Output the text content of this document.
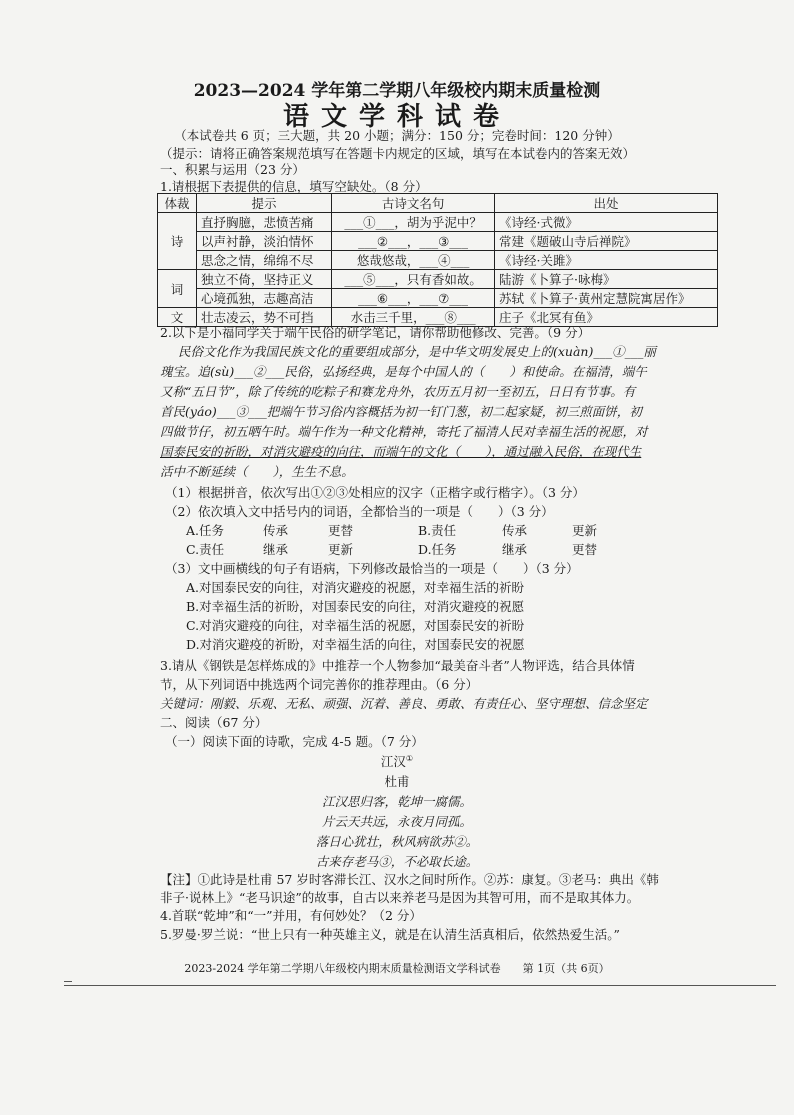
2023—2024 学年第二学期八年级校内期末质量检测
语文学科试卷
（本试卷共 6 页；三大题，共 20 小题；满分：150 分；完卷时间：120 分钟）
（提示：请将正确答案规范填写在答题卡内规定的区域，填写在本试卷内的答案无效）
一、积累与运用（23 分）
1.请根据下表提供的信息，填写空缺处。（8 分）
体裁	提示	古诗文名句	出处
诗	直抒胸臆，悲愤苦痛	___①___，胡为乎泥中？	《诗经·式微》
	以声衬静，淡泊情怀	___②___，___③___	常建《题破山寺后禅院》
	思念之情，绵绵不尽	悠哉悠哉，___④___	《诗经·关雎》
词	独立不倚，坚持正义	___⑤___，只有香如故。	陆游《卜算子·咏梅》
	心境孤独，志趣高洁	___⑥___，___⑦___	苏轼《卜算子·黄州定慧院寓居作》
文	壮志凌云，势不可挡	水击三千里，___⑧___	庄子《北冥有鱼》
2.以下是小福同学关于端午民俗的研学笔记，请你帮助他修改、完善。（9 分）
民俗文化作为我国民族文化的重要组成部分，是中华文明发展史上的(xuàn)___①___丽
瑰宝。追(sù)___②___民俗，弘扬经典，是每个中国人的（　　）和使命。在福清，端午
又称“五日节”，除了传统的吃粽子和赛龙舟外，农历五月初一至初五，日日有节事。有
首民(yáo)___③___把端午节习俗内容概括为初一钉门葱，初二起家疑，初三煎面饼，初
四做节仔，初五晒午时。端午作为一种文化精神，寄托了福清人民对幸福生活的祝愿，对
国泰民安的祈盼，对消灾避疫的向往，而端午的文化（　　），通过融入民俗，在现代生
活中不断延续（　　），生生不息。
（1）根据拼音，依次写出①②③处相应的汉字（正楷字或行楷字）。（3 分）
（2）依次填入文中括号内的词语，全都恰当的一项是（　　）（3 分）
A.任务	传承	更替	B.责任	传承	更新
C.责任	继承	更新	D.任务	继承	更替
（3）文中画横线的句子有语病，下列修改最恰当的一项是（　　）（3 分）
A.对国泰民安的向往，对消灾避疫的祝愿，对幸福生活的祈盼
B.对幸福生活的祈盼，对国泰民安的向往，对消灾避疫的祝愿
C.对消灾避疫的向往，对幸福生活的祝愿，对国泰民安的祈盼
D.对消灾避疫的祈盼，对幸福生活的向往，对国泰民安的祝愿
3.请从《钢铁是怎样炼成的》中推荐一个人物参加“最美奋斗者”人物评选，结合具体情
节，从下列词语中挑选两个词完善你的推荐理由。（6 分）
关键词：刚毅、乐观、无私、顽强、沉着、善良、勇敢、有责任心、坚守理想、信念坚定
二、阅读（67 分）
（一）阅读下面的诗歌，完成 4-5 题。（7 分）
江汉①
杜甫
江汉思归客，乾坤一腐儒。
片云天共远，永夜月同孤。
落日心犹壮，秋风病欲苏②。
古来存老马③，不必取长途。
【注】①此诗是杜甫 57 岁时客滞长江、汉水之间时所作。②苏：康复。③老马：典出《韩
非子·说林上》“老马识途”的故事，自古以来养老马是因为其智可用，而不是取其体力。
2023-2024 学年第二学期八年级校内期末质量检测语文学科试卷　　第 1页（共 6页）
4.首联“乾坤”和“一”并用，有何妙处？（2 分）
5.罗曼·罗兰说：“世上只有一种英雄主义，就是在认清生活真相后，依然热爱生活。”
